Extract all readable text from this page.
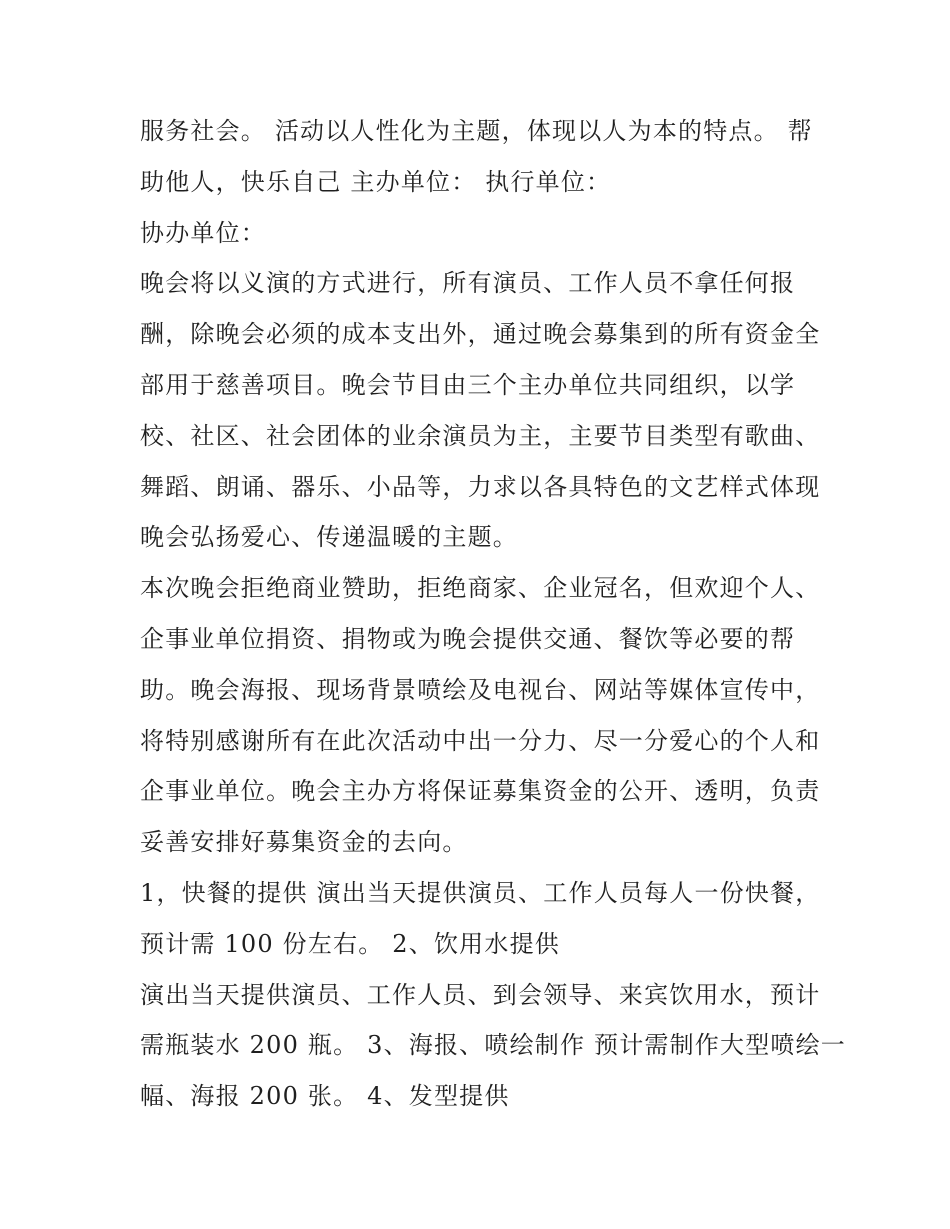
服务社会。 活动以人性化为主题，体现以人为本的特点。 帮
助他人，快乐自己 主办单位： 执行单位：
协办单位：
晚会将以义演的方式进行，所有演员、工作人员不拿任何报
酬，除晚会必须的成本支出外，通过晚会募集到的所有资金全
部用于慈善项目。晚会节目由三个主办单位共同组织，以学
校、社区、社会团体的业余演员为主，主要节目类型有歌曲、
舞蹈、朗诵、器乐、小品等，力求以各具特色的文艺样式体现
晚会弘扬爱心、传递温暖的主题。
本次晚会拒绝商业赞助，拒绝商家、企业冠名，但欢迎个人、
企事业单位捐资、捐物或为晚会提供交通、餐饮等必要的帮
助。晚会海报、现场背景喷绘及电视台、网站等媒体宣传中，
将特别感谢所有在此次活动中出一分力、尽一分爱心的个人和
企事业单位。晚会主办方将保证募集资金的公开、透明，负责
妥善安排好募集资金的去向。
1，快餐的提供 演出当天提供演员、工作人员每人一份快餐，
预计需 100 份左右。 2、饮用水提供
演出当天提供演员、工作人员、到会领导、来宾饮用水，预计
需瓶装水 200 瓶。 3、海报、喷绘制作 预计需制作大型喷绘一
幅、海报 200 张。 4、发型提供
